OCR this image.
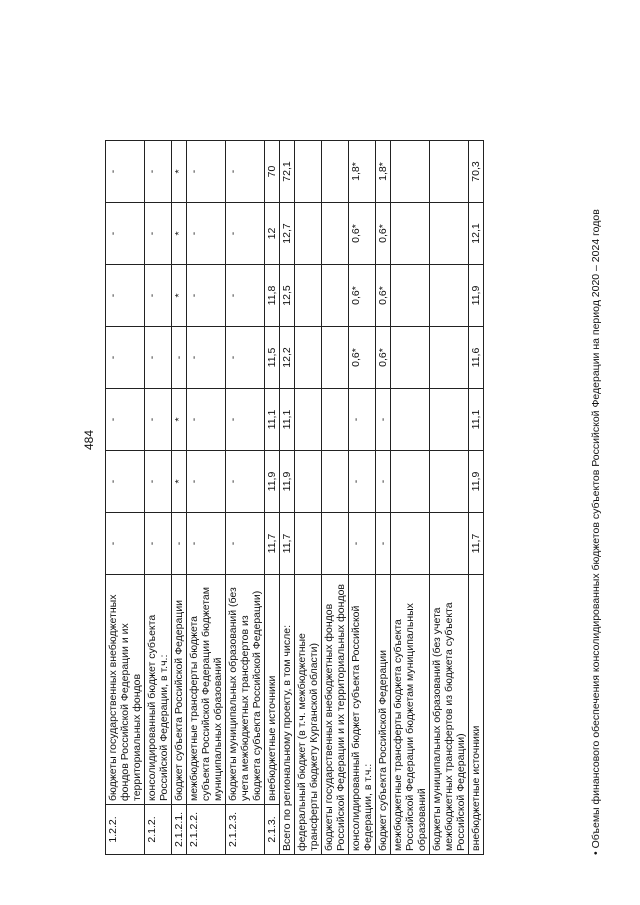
484
1.2.2.	бюджеты государственных внебюджетных фондов Российской Федерации и их территориальных фондов	-	-	-	-	-	-	-
2.1.2.	консолидированный бюджет субъекта Российской Федерации, в т.ч.:	-	-	-	-	-	-	-
2.1.2.1.	бюджет субъекта Российской Федерации	-	*	*	-	*	*	*
2.1.2.2.	межбюджетные трансферты бюджета субъекта Российской Федерации бюджетам муниципальных образований	-	-	-	-	-	-	-
2.1.2.3.	бюджеты муниципальных образований (без учета межбюджетных трансфертов из бюджета субъекта Российской Федерации)	-	-	-	-	-	-	-
2.1.3.	внебюджетные источники	11,7	11,9	11,1	11,5	11,8	12	70
Всего по региональному проекту, в том числе:		11,7	11,9	11,1	12,2	12,5	12,7	72,1
федеральный бюджет (в т.ч. межбюджетные трансферты бюджету Курганской области)								
бюджеты государственных внебюджетных фондов Российской Федерации и их территориальных фондов								
консолидированный бюджет субъекта Российской Федерации, в т.ч.:		-	-	-	0,6*	0,6*	0,6*	1,8*
бюджет субъекта Российской Федерации		-	-	-	0,6*	0,6*	0,6*	1,8*
межбюджетные трансферты бюджета субъекта Российской Федерации бюджетам муниципальных образований								
бюджеты муниципальных образований (без учета межбюджетных трансфертов из бюджета субъекта Российской Федерации)								
внебюджетные источники		11,7	11,9	11,1	11,6	11,9	12,1	70,3
• Объемы финансового обеспечения консолидированных бюджетов субъектов Российской Федерации на период 2020 – 2024 годов
